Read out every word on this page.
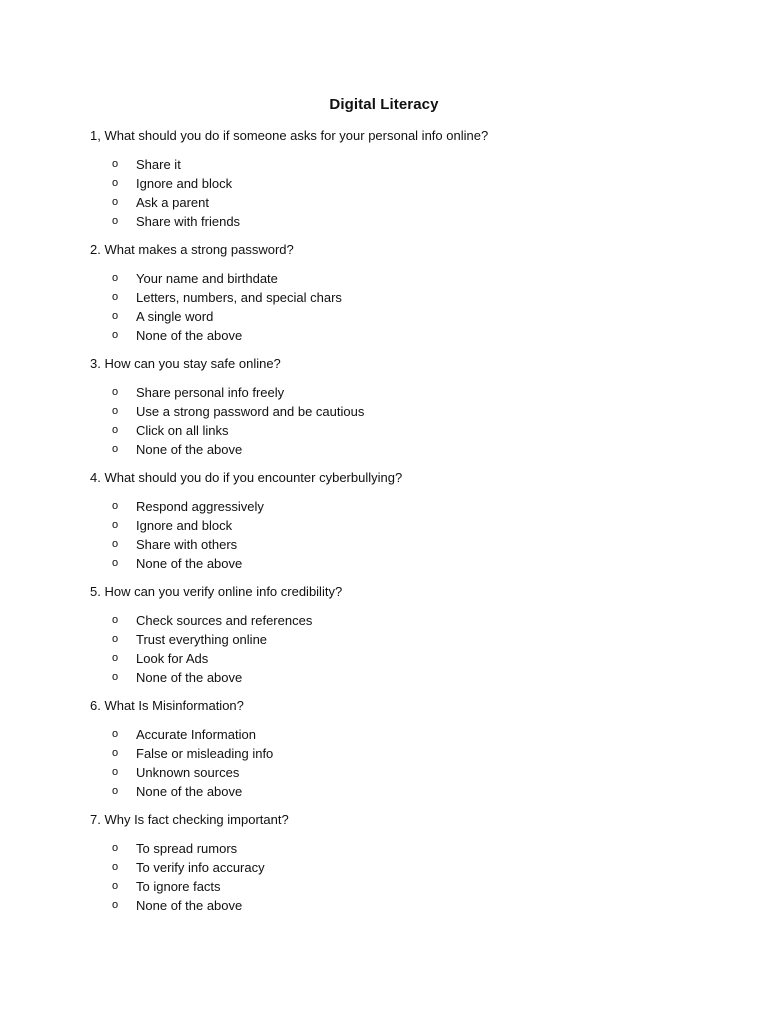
Digital Literacy

1, What should you do if someone asks for your personal info online?

o	Share it
o	Ignore and block
o	Ask a parent
o	Share with friends

2. What makes a strong password?

o	Your name and birthdate
o	Letters, numbers, and special chars
o	A single word
o	None of the above

3. How can you stay safe online?

o	Share personal info freely
o	Use a strong password and be cautious
o	Click on all links
o	None of the above

4. What should you do if you encounter cyberbullying?

o	Respond aggressively
o	Ignore and block
o	Share with others
o	None of the above

5. How can you verify online info credibility?

o	Check sources and references
o	Trust everything online
o	Look for Ads
o	None of the above

6. What Is Misinformation?

o	Accurate Information
o	False or misleading info
o	Unknown sources
o	None of the above

7. Why Is fact checking important?

o	To spread rumors
o	To verify info accuracy
o	To ignore facts
o	None of the above
